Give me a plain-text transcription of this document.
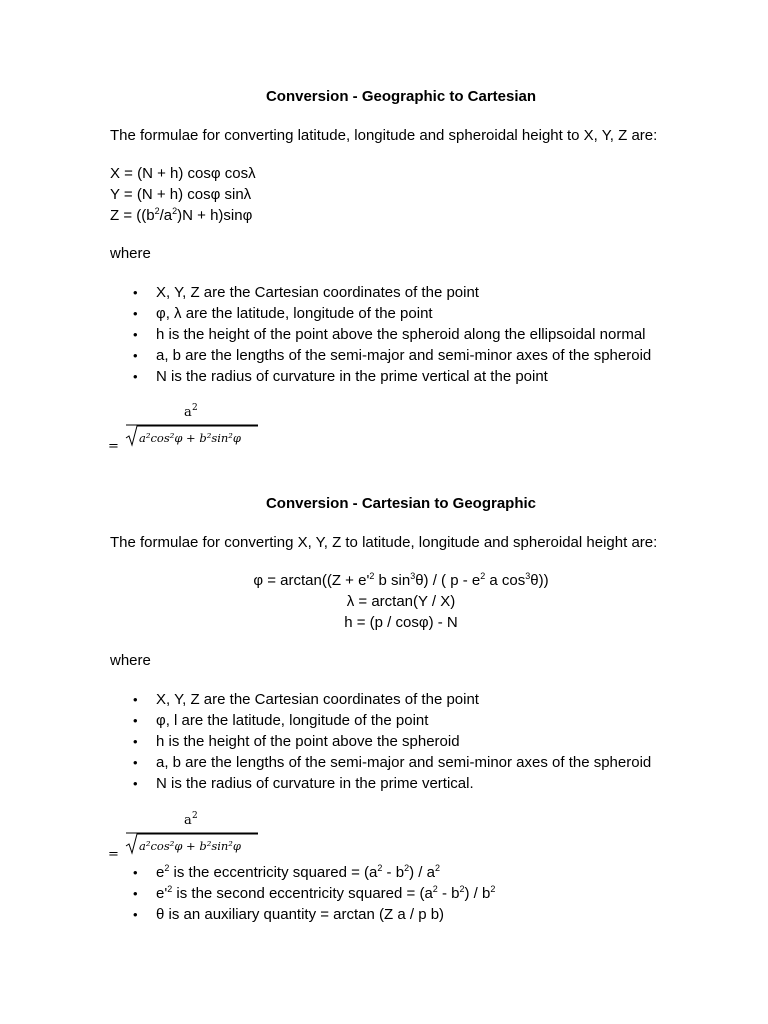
Conversion - Geographic to Cartesian
The formulae for converting latitude, longitude and spheroidal height to X, Y, Z are:
X = (N + h) cosφ cosλ
Y = (N + h) cosφ sinλ
$Z = ((b^2/a^2)N + h)\sin\varphi$
where
• X, Y, Z are the Cartesian coordinates of the point
• φ, λ are the latitude, longitude of the point
• h is the height of the point above the spheroid along the ellipsoidal normal
• a, b are the lengths of the semi-major and semi-minor axes of the spheroid
• N is the radius of curvature in the prime vertical at the point
a 2
a²cos²φ + b²sin²φ
=
Conversion - Cartesian to Geographic
The formulae for converting X, Y, Z to latitude, longitude and spheroidal height are:
$\varphi = \arctan((Z + e'^2$ b $\sin^3\theta$) / ( p - $e^2$ a $\cos^3\theta$))
λ = arctan(Y / X)
h = (p / cosφ) - N
where
• X, Y, Z are the Cartesian coordinates of the point
• φ, l are the latitude, longitude of the point
• h is the height of the point above the spheroid
• a, b are the lengths of the semi-major and semi-minor axes of the spheroid
• N is the radius of curvature in the prime vertical.
a 2
a²cos²φ + b²sin²φ
=
• $e^2$ is the eccentricity squared = $(a^2 - b^2) / a^2$
• $e'^2$ is the second eccentricity squared = $(a^2 - b^2) / b^2$
• θ is an auxiliary quantity = arctan (Z a / p b)
